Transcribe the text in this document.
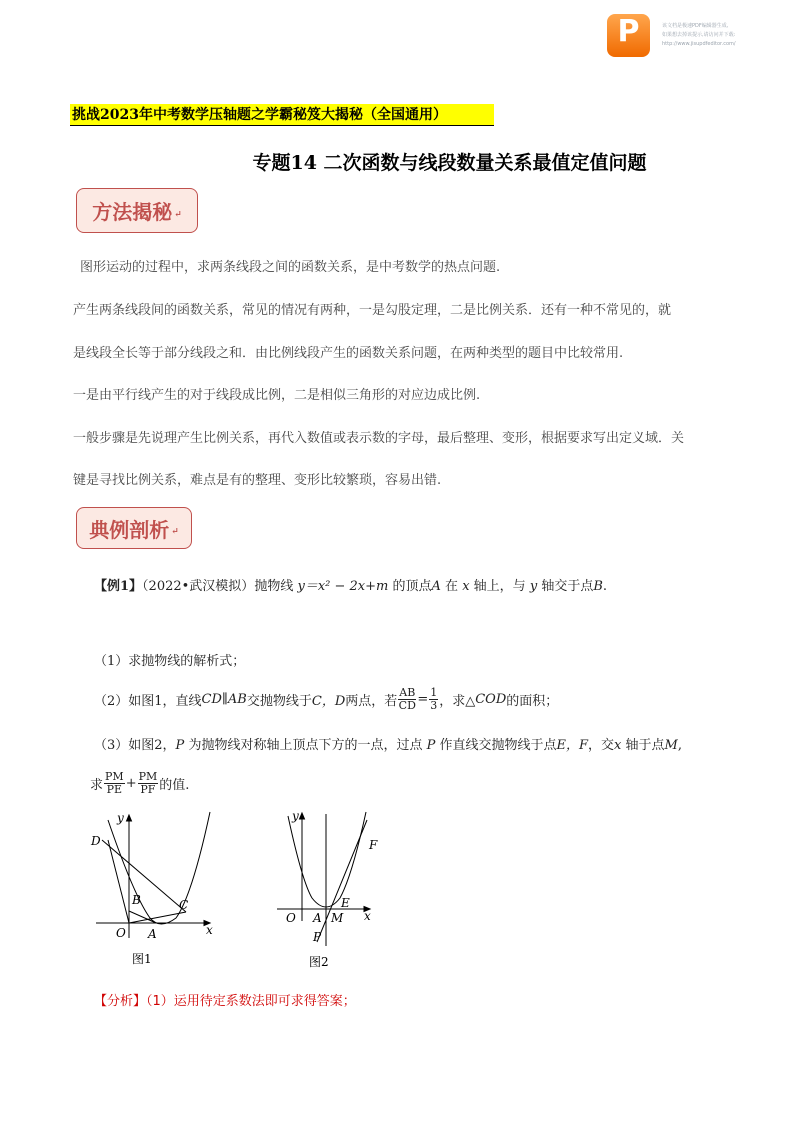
P	该文档是极速PDF编辑器生成,
如果想去掉该提示,请访问并下载:
http://www.jisupdfeditor.com/
挑战2023年中考数学压轴题之学霸秘笈大揭秘（全国通用）
专题14 二次函数与线段数量关系最值定值问题
方法揭秘 ↵
图形运动的过程中，求两条线段之间的函数关系，是中考数学的热点问题.
产生两条线段间的函数关系，常见的情况有两种，一是勾股定理，二是比例关系．还有一种不常见的，就
是线段全长等于部分线段之和．由比例线段产生的函数关系问题，在两种类型的题目中比较常用.
一是由平行线产生的对于线段成比例，二是相似三角形的对应边成比例.
一般步骤是先说理产生比例关系，再代入数值或表示数的字母，最后整理、变形，根据要求写出定义域．关
键是寻找比例关系，难点是有的整理、变形比较繁琐，容易出错.
典例剖析 ↵
【例1】（2022•武汉模拟）抛物线 y＝x² − 2x+m 的顶点A 在 x 轴上，与 y 轴交于点B.
（1）求抛物线的解析式；
（2）如图1，直线 CD∥AB 交抛物线于 C，D 两点，若 $\frac{AB}{CD} = \frac{1}{3}$ ，求△ COD 的面积；
（3）如图2，P 为抛物线对称轴上顶点下方的一点，过点 P 作直线交抛物线于点E，F，交x 轴于点M,
求 $\frac{PM}{PE} + \frac{PM}{PF}$ 的值.
x
y
O A
B	C
D
图1
x
y
O A M
E
F
P
图2
【分析】（1）运用待定系数法即可求得答案；
